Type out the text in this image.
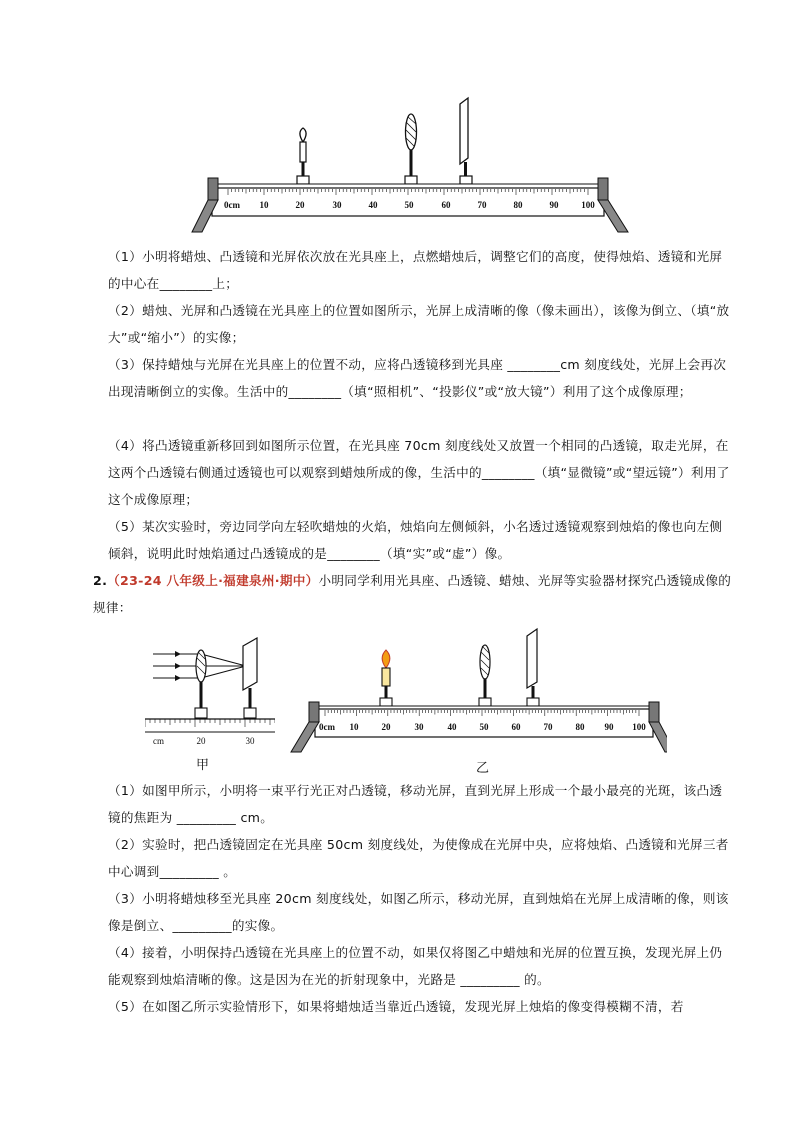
0cm 10	20	30	40	50	60	70	80	90	100
（1）小明将蜡烛、凸透镜和光屏依次放在光具座上，点燃蜡烛后，调整它们的高度，使得烛焰、透镜和光屏的中心在________上；
（2）蜡烛、光屏和凸透镜在光具座上的位置如图所示，光屏上成清晰的像（像未画出），该像为倒立、（填“放大”或“缩小”）的实像；
（3）保持蜡烛与光屏在光具座上的位置不动，应将凸透镜移到光具座 ________cm 刻度线处，光屏上会再次出现清晰倒立的实像。生活中的________（填“照相机”、“投影仪”或“放大镜”）利用了这个成像原理；
（4）将凸透镜重新移回到如图所示位置，在光具座 70cm 刻度线处又放置一个相同的凸透镜，取走光屏，在这两个凸透镜右侧通过透镜也可以观察到蜡烛所成的像，生活中的________（填“显微镜”或“望远镜”）利用了这个成像原理；
（5）某次实验时，旁边同学向左轻吹蜡烛的火焰，烛焰向左侧倾斜，小名透过透镜观察到烛焰的像也向左侧倾斜，说明此时烛焰通过凸透镜成的是________（填“实”或“虚”）像。
2.（23-24 八年级上·福建泉州·期中）小明同学利用光具座、凸透镜、蜡烛、光屏等实验器材探究凸透镜成像的规律：
cm	20	30
甲
0cm 10	20	30	40	50	60	70	80 90 100
乙
（1）如图甲所示，小明将一束平行光正对凸透镜，移动光屏，直到光屏上形成一个最小最亮的光斑，该凸透镜的焦距为 _________ cm。
（2）实验时，把凸透镜固定在光具座 50cm 刻度线处，为使像成在光屏中央，应将烛焰、凸透镜和光屏三者中心调到_________ 。
（3）小明将蜡烛移至光具座 20cm 刻度线处，如图乙所示，移动光屏，直到烛焰在光屏上成清晰的像，则该像是倒立、_________的实像。
（4）接着，小明保持凸透镜在光具座上的位置不动，如果仅将图乙中蜡烛和光屏的位置互换，发现光屏上仍能观察到烛焰清晰的像。这是因为在光的折射现象中，光路是 _________ 的。
（5）在如图乙所示实验情形下，如果将蜡烛适当靠近凸透镜，发现光屏上烛焰的像变得模糊不清，若
